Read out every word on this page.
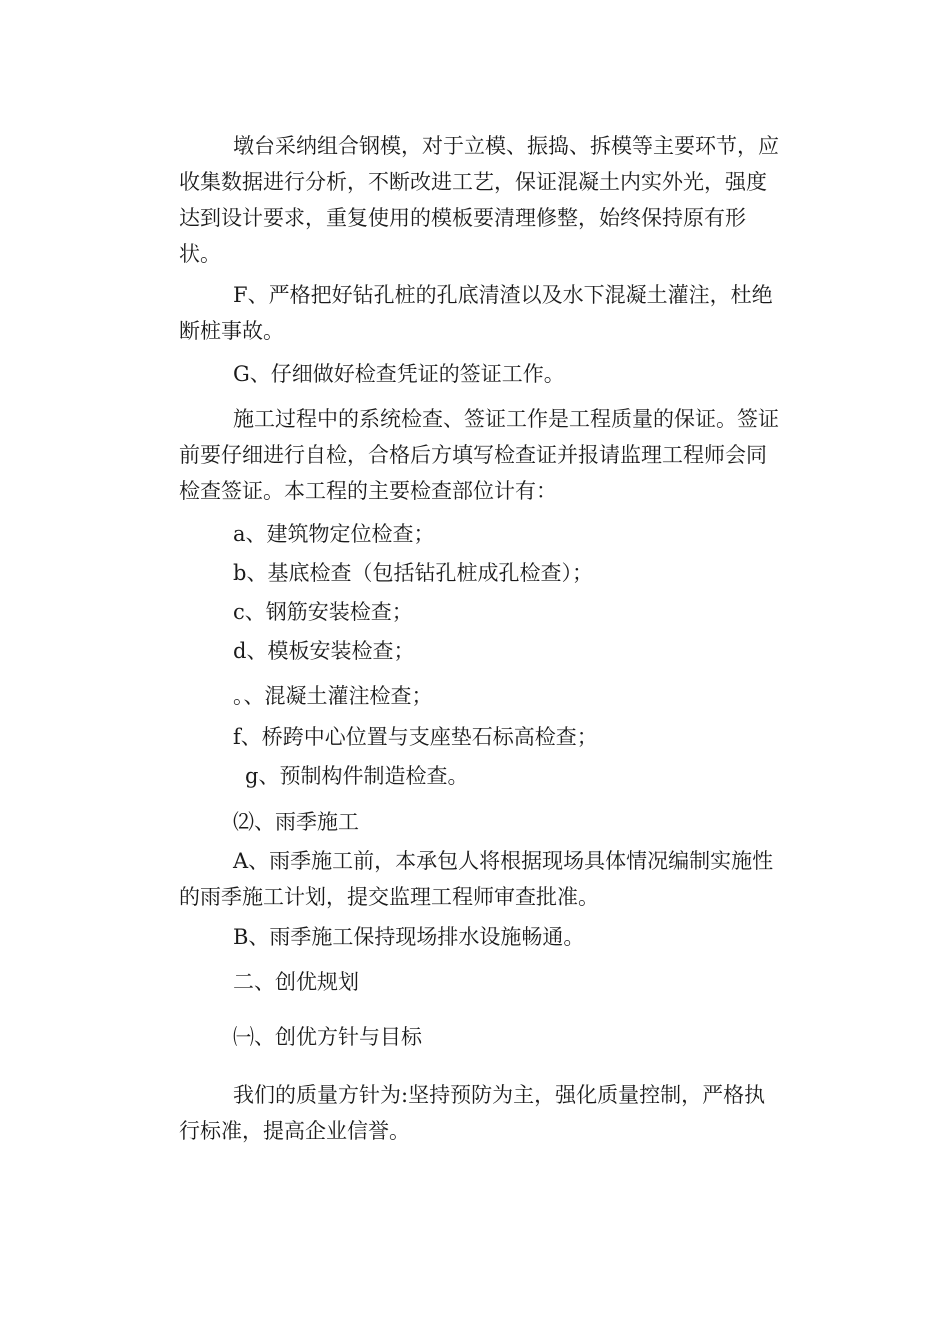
墩台采纳组合钢模，对于立模、振捣、拆模等主要环节，应
收集数据进行分析，不断改进工艺，保证混凝土内实外光，强度
达到设计要求，重复使用的模板要清理修整，始终保持原有形
状。
F、严格把好钻孔桩的孔底清渣以及水下混凝土灌注，杜绝
断桩事故。
G、仔细做好检查凭证的签证工作。
施工过程中的系统检查、签证工作是工程质量的保证。签证
前要仔细进行自检，合格后方填写检查证并报请监理工程师会同
检查签证。本工程的主要检查部位计有：
a、建筑物定位检查；
b、基底检查（包括钻孔桩成孔检查）；
c、钢筋安装检查；
d、模板安装检查；
。、混凝土灌注检查；
f、桥跨中心位置与支座垫石标高检查；
g、预制构件制造检查。
⑵、雨季施工
A、雨季施工前，本承包人将根据现场具体情况编制实施性
的雨季施工计划，提交监理工程师审查批准。
B、雨季施工保持现场排水设施畅通。
二、创优规划
㈠、创优方针与目标
我们的质量方针为:坚持预防为主，强化质量控制，严格执
行标准，提高企业信誉。
